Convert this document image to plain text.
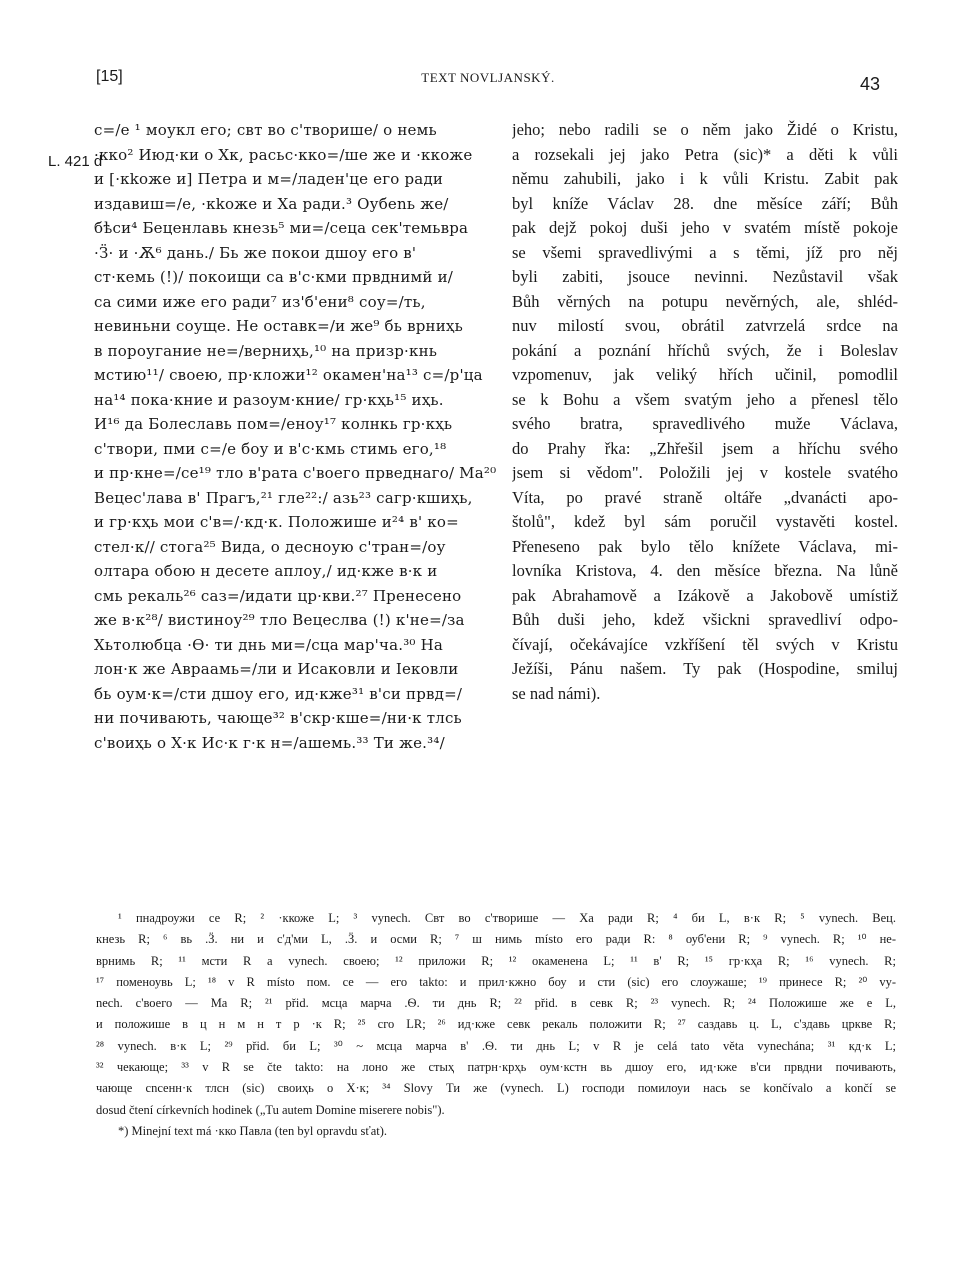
[15]	TEXT NOVLJANSKÝ.	43
L. 421 d
с=/е ¹ моукл его; свт во с'творише/ о немь
·кко² Июд·ки о Хк, расьс·кко=/ше же и ·ккоже
и [·кkоже и] Петра и м=/ладен'це его ради
издавиш=/е, ·кkоже и Ха ради.³ Оубеnь же/
бѣси⁴ Беценлавь кнезь⁵ ми=/сеца сек'темьвра
·Ӟ· и ·Ѫ⁶ дань./ Бь же покои дшоу его в'
ст·кемь (!)/ покоищи са в'с·кми првднимй и/
са сими иже его ради⁷ из'б'ени⁸ соу=/ть,
невиньни соуще. Не оставк=/и же⁹ бь врниҳь
в пороугание не=/верниҳь,¹⁰ на призр·кнь
мстию¹¹/ своею, пр·кложи¹² окамен'на¹³ с=/р'ца
на¹⁴ пока·кние и разоум·кние/ гр·кҳь¹⁵ иҳь.
И¹⁶ да Болеславь пом=/еноу¹⁷ колнкь гр·кҳь
с'твори, пми с=/е боу и в'с·кмь стимь его,¹⁸
и пр·кне=/се¹⁹ тло в'рата с'воего прведнаго/ Ма²⁰
Вецес'лава в' Прагъ,²¹ гле²²:/ азь²³ сагр·кшиҳь,
и гр·кҳь мои с'в=/·кд·к. Положише и²⁴ в' ко=
стел·к// стога²⁵ Вида, о десноую с'тран=/оу
олтара обою н десете аплоу,/ ид·кже в·к и
смь рекаль²⁶ саз=/идати цр·кви.²⁷ Пренесено
же в·к²⁸/ вистиноу²⁹ тло Вецеслва (!) к'не=/за
Хьтолюбца ·Ѳ· ти днь ми=/сца мар'ча.³⁰ На
лон·к же Авраамь=/ли и Исаковли и Ӏековли
бь оум·к=/сти дшоу его, ид·кже³¹ в'си првд=/
ни почивають, чающе³² в'скр·кше=/ни·к тлсь
с'воиҳь о Х·к Ис·к г·к н=/ашемь.³³ Ти же.³⁴/
jeho; nebo radili se o něm jako Židé o Kristu,
a rozsekali jej jako Petra (sic)* a děti k vůli
němu zahubili, jako i k vůli Kristu. Zabit pak
byl kníže Václav 28. dne měsíce září; Bůh
pak dejž pokoj duši jeho v svatém místě pokoje
se všemi spravedlivými a s těmi, jíž pro něj
byli zabiti, jsouce nevinni. Nezůstavil však
Bůh věrných na potupu nevěrných, ale, shléd-
nuv milostí svou, obrátil zatvrzelá srdce na
pokání a poznání hříchů svých, že i Boleslav
vzpomenuv, jak veliký hřích učinil, pomodlil
se k Bohu a všem svatým jeho a přenesl tělo
svého bratra, spravedlivého muže Václava,
do Prahy řka: „Zhřešil jsem a hříchu svého
jsem si vědom". Položili jej v kostele svatého
Víta, po pravé straně oltáře „dvanácti apo-
štolů", kdež byl sám poručil vystavěti kostel.
Přeneseno pak bylo tělo knížete Václava, mi-
lovníka Kristova, 4. den měsíce března. Na lůně
pak Abrahamově a Izákově a Jakobově umístiž
Bůh duši jeho, kdež všickni spravedliví odpo-
čívají, očekávajíce vzkříšení těl svých v Kristu
Ježíši, Pánu našem. Ty pak (Hospodine, smiluj
se nad námi).
¹ пнадроужи се R; ² ·ккоже L; ³ vynech. Свт во с'творише — Ха ради R; ⁴ би L, в·к R; ⁵ vynech. Вец.
кнезь R; ⁶ вь .Ӟ. ни и с'д'ми L, .Ӟ. и осми R; ⁷ ш нимь místo его ради R: ⁸ оуб'ени R; ⁹ vynech. R; ¹⁰ не-
врнимь R; ¹¹ мсти R a vynech. своею; ¹² приложи R; ¹² окаменена L; ¹¹ в' R; ¹⁵ гр·кҳа R; ¹⁶ vynech. R;
¹⁷ поменоувь L; ¹⁸ v R místo пом. се — его takto: и прил·кжно боу и сти (sic) его слоужаше; ¹⁹ принесе R; ²⁰ vy-
nech. с'воего — Ма R; ²¹ přid. мсца марча .Ѳ. ти днь R; ²² přid. в севк R; ²³ vynech. R; ²⁴ Положише же е L,
и положише в ц н м н т р ·к R; ²⁵ сго LR; ²⁶ ид·кже севк рекаль положити R; ²⁷ саздавь ц. L, с'здавь цркве R;
²⁸ vynech. в·к L; ²⁹ přid. би L; ³⁰ ~ мсца марча в' .Ѳ. ти днь L; v R je celá tato věta vynechána; ³¹ кд·к L;
³² чекающе; ³³ v R se čte takto: на лоно же стыҳ патрн·крҳь оум·кстн вь дшоу его, ид·кже в'си првдни почивають,
чающе сnсенн·к тлсн (sic) своиҳь о Х·к; ³⁴ Slovy Ти же (vynech. L) господи помилоуи нась se končívalo a končí se
dosud čtení církevních hodinek („Tu autem Domine miserere nobis").
*) Minejní text má ·кко Павла (ten byl opravdu sťat).
